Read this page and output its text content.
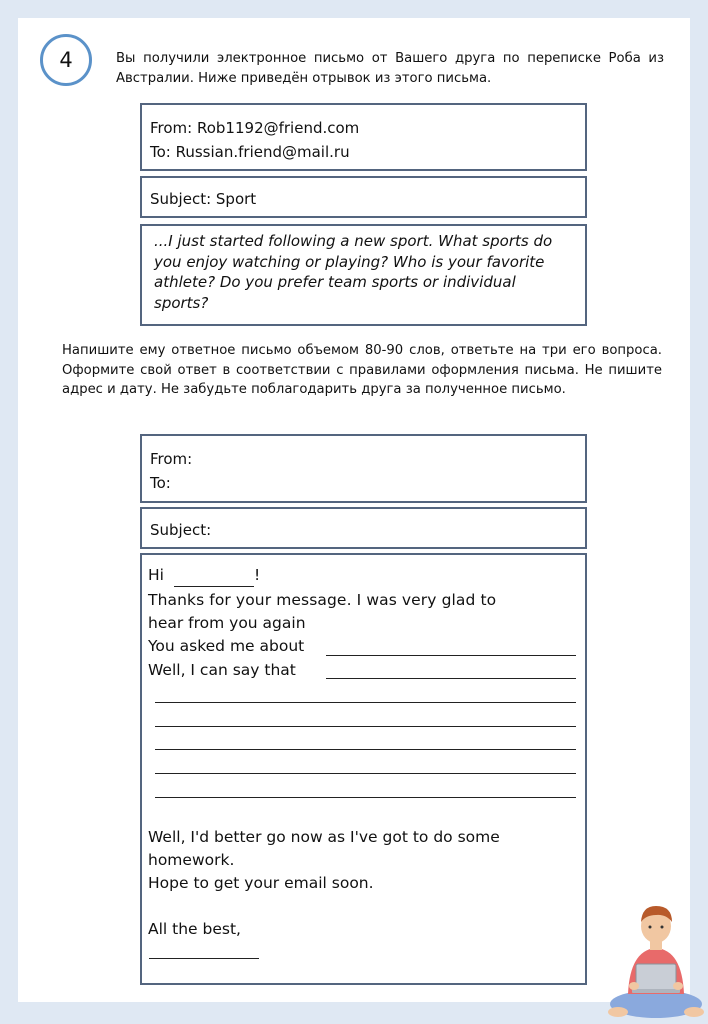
4	Вы получили электронное письмо от Вашего друга по переписке Роба из Австралии. Ниже приведён отрывок из этого письма.
From: Rob1192@friend.com
To: Russian.friend@mail.ru
Subject: Sport
...I just started following a new sport. What sports do you enjoy watching or playing? Who is your favorite athlete? Do you prefer team sports or individual sports?
Напишите ему ответное письмо объемом 80-90 слов, ответьте на три его вопроса. Оформите свой ответ в соответствии с правилами оформления письма. Не пишите адрес и дату. Не забудьте поблагодарить друга за полученное письмо.
From:
To:
Subject:
Hi	!
Thanks for your message. I was very glad to
hear from you again
You asked me about
Well, I can say that
Well, I'd better go now as I've got to do some
homework.
Hope to get your email soon.
All the best,
